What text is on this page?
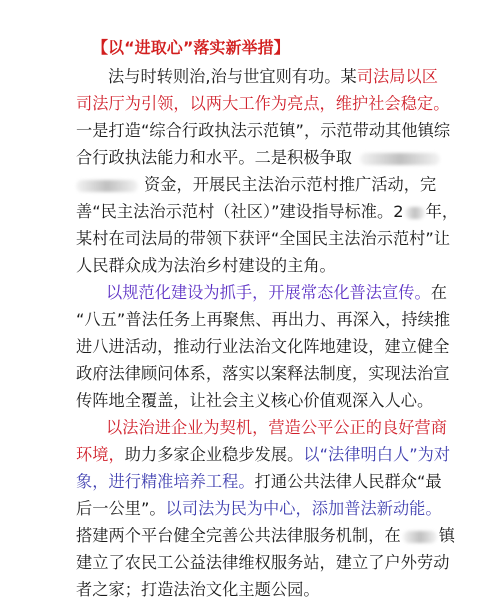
【以“进取心”落实新举措】
法与时转则治,治与世宜则有功。某司法局以区
司法厅为引领，以两大工作为亮点，维护社会稳定。
一是打造“综合行政执法示范镇”，示范带动其他镇综
合行政执法能力和水平。二是积极争取
资金，开展民主法治示范村推广活动，完
善“民主法治示范村（社区）”建设指导标准。2 年，
某村在司法局的带领下获评“全国民主法治示范村”让
人民群众成为法治乡村建设的主角。
以规范化建设为抓手，开展常态化普法宣传。在
“八五”普法任务上再聚焦、再出力、再深入，持续推
进八进活动，推动行业法治文化阵地建设，建立健全
政府法律顾问体系，落实以案释法制度，实现法治宣
传阵地全覆盖，让社会主义核心价值观深入人心。
以法治进企业为契机，营造公平公正的良好营商
环境，助力多家企业稳步发展。以“法律明白人”为对
象，进行精准培养工程。打通公共法律人民群众“最
后一公里”。以司法为民为中心，添加普法新动能。
搭建两个平台健全完善公共法律服务机制，在 镇
建立了农民工公益法律维权服务站，建立了户外劳动
者之家；打造法治文化主题公园。
